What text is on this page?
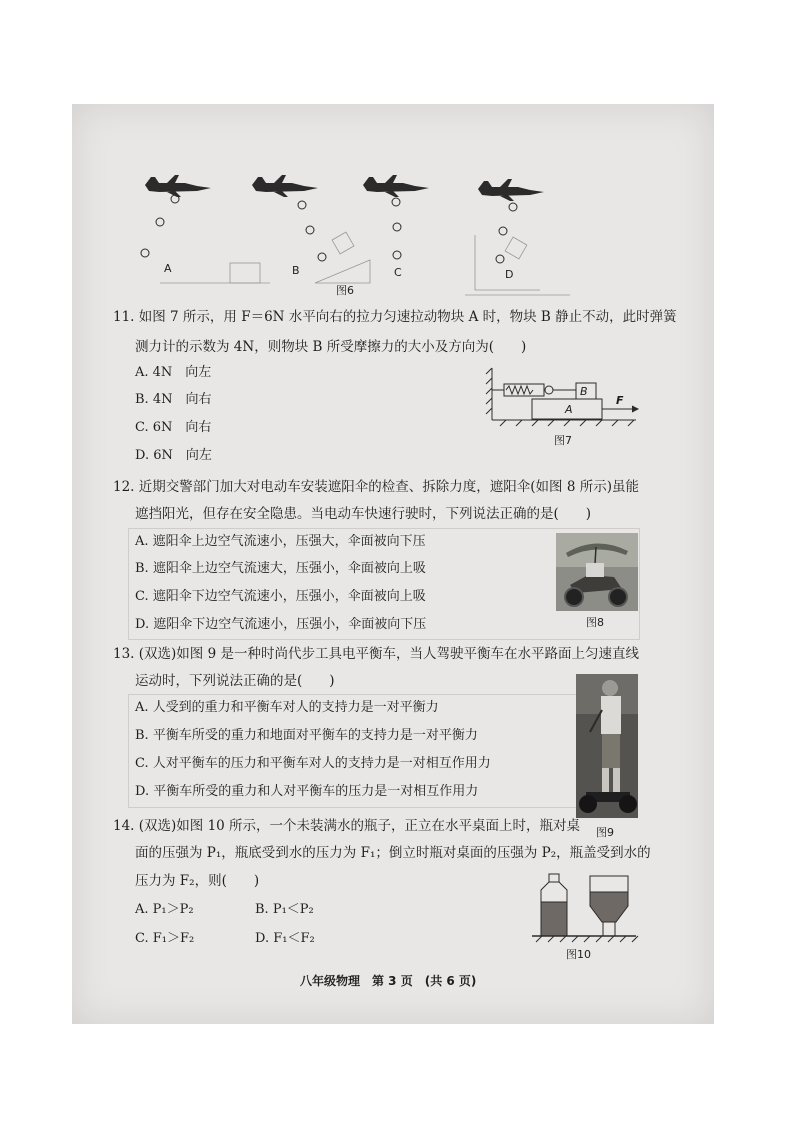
A	B	C	D
图6
11. 如图 7 所示，用 F＝6N 水平向右的拉力匀速拉动物块 A 时，物块 B 静止不动，此时弹簧
测力计的示数为 4N，则物块 B 所受摩擦力的大小及方向为(　　)
A. 4N　向左
B. 4N　向右
C. 6N　向右
D. 6N　向左
B
A
F
图7
12. 近期交警部门加大对电动车安装遮阳伞的检查、拆除力度，遮阳伞(如图 8 所示)虽能
遮挡阳光，但存在安全隐患。当电动车快速行驶时，下列说法正确的是(　　)
A. 遮阳伞上边空气流速小，压强大，伞面被向下压
B. 遮阳伞上边空气流速大，压强小，伞面被向上吸
C. 遮阳伞下边空气流速小，压强小，伞面被向上吸
D. 遮阳伞下边空气流速小，压强小，伞面被向下压	图8
13. (双选)如图 9 是一种时尚代步工具电平衡车，当人驾驶平衡车在水平路面上匀速直线
运动时，下列说法正确的是(　　)
A. 人受到的重力和平衡车对人的支持力是一对平衡力
B. 平衡车所受的重力和地面对平衡车的支持力是一对平衡力
C. 人对平衡车的压力和平衡车对人的支持力是一对相互作用力
D. 平衡车所受的重力和人对平衡车的压力是一对相互作用力
图9
14. (双选)如图 10 所示，一个未装满水的瓶子，正立在水平桌面上时，瓶对桌
面的压强为 P₁，瓶底受到水的压力为 F₁；倒立时瓶对桌面的压强为 P₂，瓶盖受到水的
压力为 F₂，则(　　)
A. P₁＞P₂	B. P₁＜P₂
C. F₁＞F₂	D. F₁＜F₂
图10
八年级物理　第 3 页　(共 6 页)
